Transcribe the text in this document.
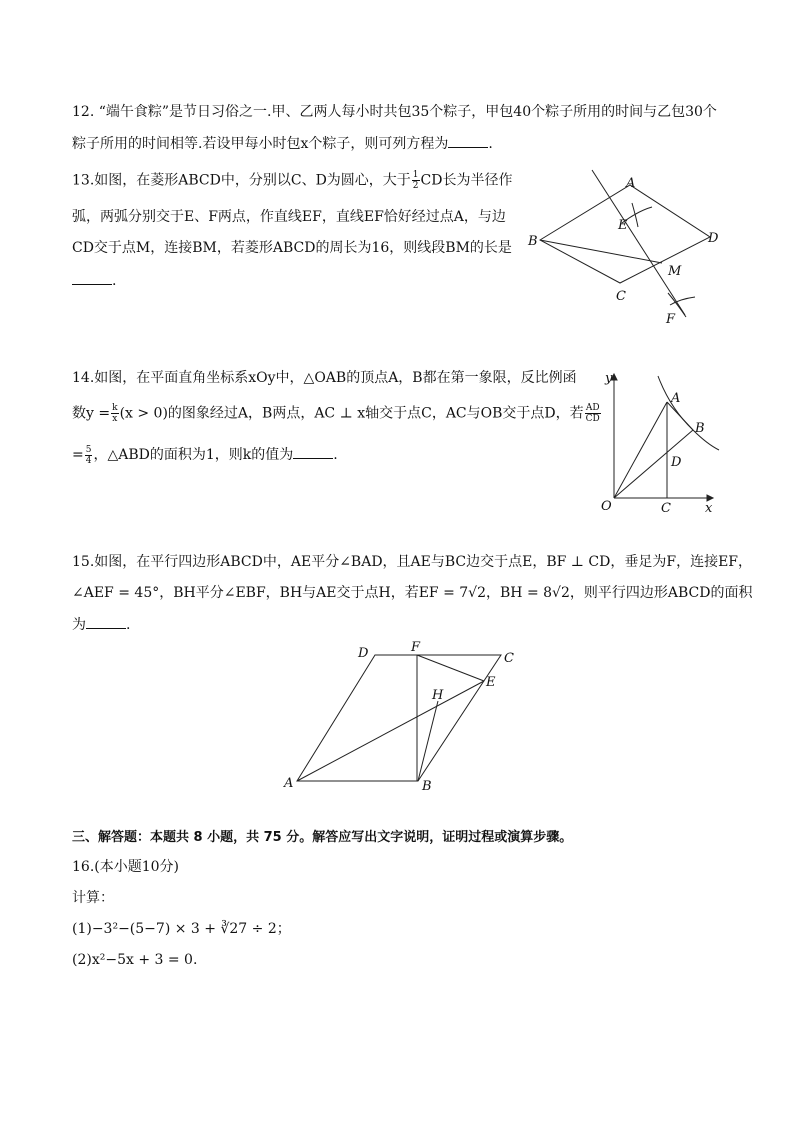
12. “端午食粽”是节日习俗之一.甲、乙两人每小时共包35个粽子，甲包40个粽子所用的时间与乙包30个
粽子所用的时间相等.若设甲每小时包x个粽子，则可列方程为	.
13.如图，在菱形ABCD中，分别以C、D为圆心，大于 $\frac{1}{2}$ CD长为半径作
弧，两弧分别交于E、F两点，作直线EF，直线EF恰好经过点A，与边
CD交于点M，连接BM，若菱形ABCD的周长为16，则线段BM的长是
.
A
B
C
D
E
F
M
14.如图，在平面直角坐标系xOy中，△OAB的顶点A，B都在第一象限，反比例函
数$y = \frac{k}{x} (x > 0)$的图象经过A，B两点，AC ⊥ x轴交于点C，AC与OB交于点D，若 $\frac{AD}{CD}$
= $\frac{5}{4}$ ，△ABD的面积为1，则k的值为	.
y
x
O
A
B
C
D
15.如图，在平行四边形ABCD中，AE平分∠BAD，且AE与BC边交于点E，BF ⊥ CD，垂足为F，连接EF，
∠AEF = 45°，BH平分∠EBF，BH与AE交于点H，若EF = 7√2，BH = 8√2，则平行四边形ABCD的面积
为	.
A	B
C
D
E
F
H
三、解答题：本题共 8 小题，共 75 分。解答应写出文字说明，证明过程或演算步骤。
16.(本小题10分)
计算：
(1)−3²−(5−7) × 3 + ∛27 ÷ 2；
(2)x²−5x + 3 = 0.
